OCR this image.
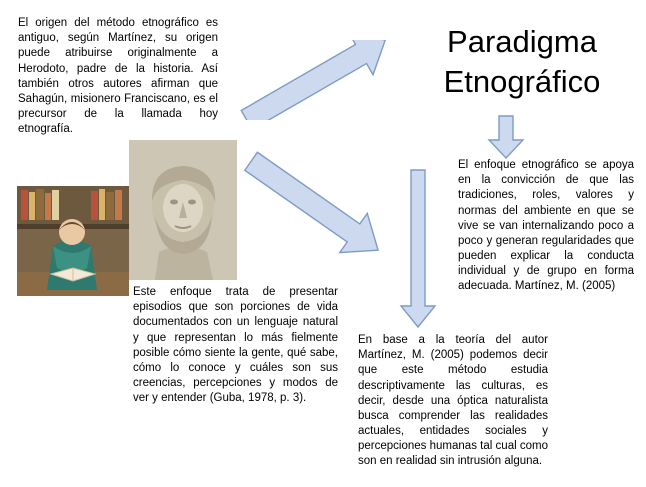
Paradigma
Etnográfico
El origen del método etnográfico es antiguo, según Martínez, su origen puede atribuirse originalmente a Herodoto, padre de la historia. Así también otros autores afirman que Sahagún, misionero Franciscano, es el precursor de la llamada hoy etnografía.
Este enfoque trata de presentar episodios que son porciones de vida documentados con un lenguaje natural y que representan lo más fielmente posible cómo siente la gente, qué sabe, cómo lo conoce y cuáles son sus creencias, percepciones y modos de ver y entender (Guba, 1978, p. 3).
El enfoque etnográfico se apoya en la convicción de que las tradiciones, roles, valores y normas del ambiente en que se vive se van internalizando poco a poco y generan regularidades que pueden explicar la conducta individual y de grupo en forma adecuada. Martínez, M. (2005)
En base a la teoría del autor Martínez, M. (2005) podemos decir que este método estudia descriptivamente las culturas, es decir, desde una óptica naturalista busca comprender las realidades actuales, entidades sociales y percepciones humanas tal cual como son en realidad sin intrusión alguna.
